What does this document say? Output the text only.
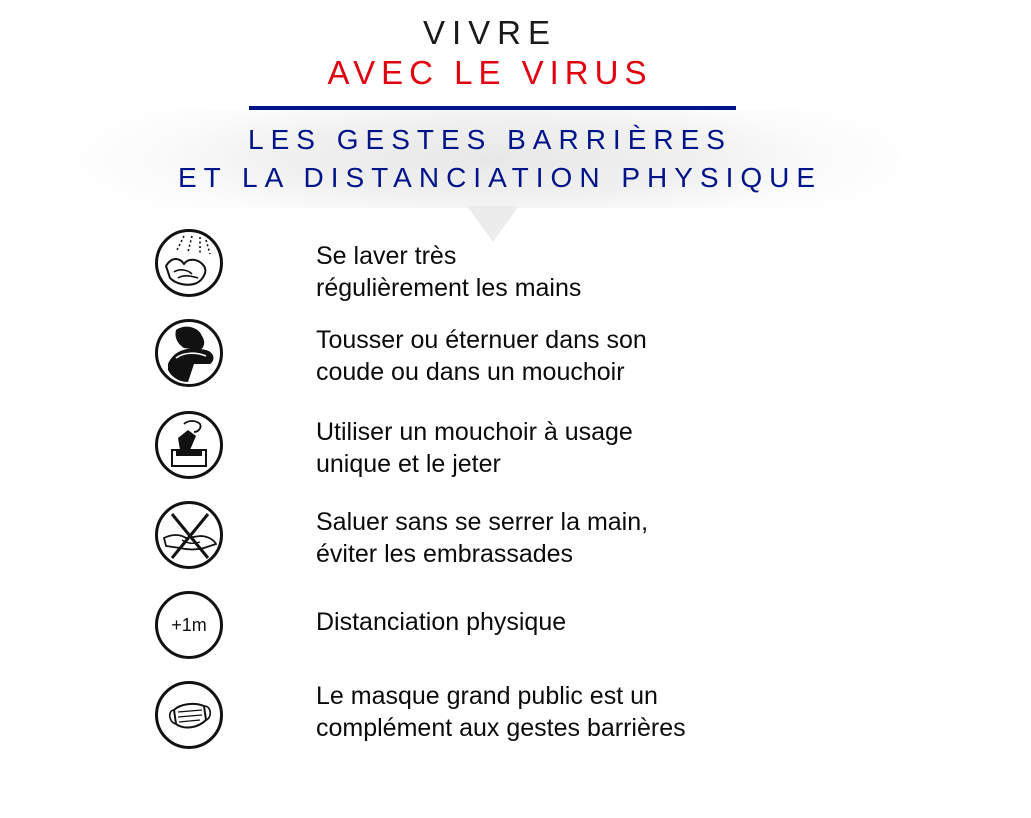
VIVRE
AVEC LE VIRUS
LES GESTES BARRIÈRES
ET LA DISTANCIATION PHYSIQUE
Se laver très
régulièrement les mains
Tousser ou éternuer dans son
coude ou dans un mouchoir
Utiliser un mouchoir à usage
unique et le jeter
Saluer sans se serrer la main,
éviter les embrassades
+1m	Distanciation physique
Le masque grand public est un
complément aux gestes barrières
